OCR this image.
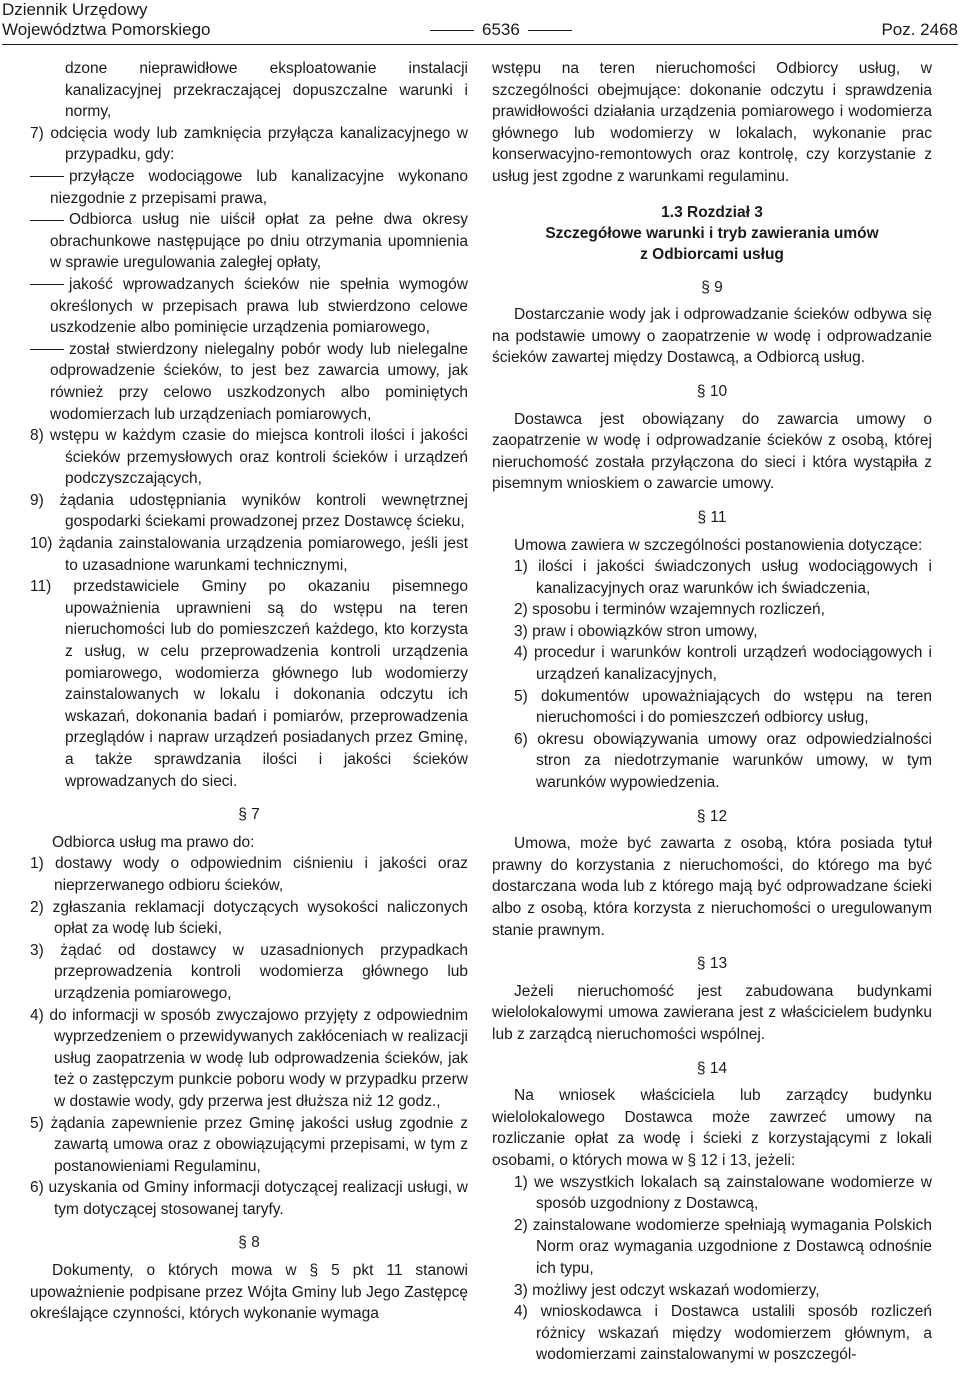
Dziennik Urzędowy
Województwa Pomorskiego	6536	Poz. 2468

dzone nieprawidłowe eksploatowanie instalacji kanalizacyjnej przekraczającej dopuszczalne warunki i normy,

7) odcięcia wody lub zamknięcia przyłącza kanalizacyjnego w przypadku, gdy:

przyłącze wodociągowe lub kanalizacyjne wykonano niezgodnie z przepisami prawa,

Odbiorca usług nie uiścił opłat za pełne dwa okresy obrachunkowe następujące po dniu otrzymania upomnienia w sprawie uregulowania zaległej opłaty,

jakość wprowadzanych ścieków nie spełnia wymogów określonych w przepisach prawa lub stwierdzono celowe uszkodzenie albo pominięcie urządzenia pomiarowego,

został stwierdzony nielegalny pobór wody lub nielegalne odprowadzenie ścieków, to jest bez zawarcia umowy, jak również przy celowo uszkodzonych albo pominiętych wodomierzach lub urządzeniach pomiarowych,

8) wstępu w każdym czasie do miejsca kontroli ilości i jakości ścieków przemysłowych oraz kontroli ścieków i urządzeń podczyszczających,

9) żądania udostępniania wyników kontroli wewnętrznej gospodarki ściekami prowadzonej przez Dostawcę ścieku,

10) żądania zainstalowania urządzenia pomiarowego, jeśli jest to uzasadnione warunkami technicznymi,

11) przedstawiciele Gminy po okazaniu pisemnego upoważnienia uprawnieni są do wstępu na teren nieruchomości lub do pomieszczeń każdego, kto korzysta z usług, w celu przeprowadzenia kontroli urządzenia pomiarowego, wodomierza głównego lub wodomierzy zainstalowanych w lokalu i dokonania odczytu ich wskazań, dokonania badań i pomiarów, przeprowadzenia przeglądów i napraw urządzeń posiadanych przez Gminę, a także sprawdzania ilości i jakości ścieków wprowadzanych do sieci.

§ 7

Odbiorca usług ma prawo do:

1) dostawy wody o odpowiednim ciśnieniu i jakości oraz nieprzerwanego odbioru ścieków,

2) zgłaszania reklamacji dotyczących wysokości naliczonych opłat za wodę lub ścieki,

3) żądać od dostawcy w uzasadnionych przypadkach przeprowadzenia kontroli wodomierza głównego lub urządzenia pomiarowego,

4) do informacji w sposób zwyczajowo przyjęty z odpowiednim wyprzedzeniem o przewidywanych zakłóceniach w realizacji usług zaopatrzenia w wodę lub odprowadzenia ścieków, jak też o zastępczym punkcie poboru wody w przypadku przerw w dostawie wody, gdy przerwa jest dłuższa niż 12 godz.,

5) żądania zapewnienie przez Gminę jakości usług zgodnie z zawartą umowa oraz z obowiązującymi przepisami, w tym z postanowieniami Regulaminu,

6) uzyskania od Gminy informacji dotyczącej realizacji usługi, w tym dotyczącej stosowanej taryfy.

§ 8

Dokumenty, o których mowa w § 5 pkt 11 stanowi upoważnienie podpisane przez Wójta Gminy lub Jego Zastępcę określające czynności, których wykonanie wymaga

wstępu na teren nieruchomości Odbiorcy usług, w szczególności obejmujące: dokonanie odczytu i sprawdzenia prawidłowości działania urządzenia pomiarowego i wodomierza głównego lub wodomierzy w lokalach, wykonanie prac konserwacyjno-remontowych oraz kontrolę, czy korzystanie z usług jest zgodne z warunkami regulaminu.

1.3 Rozdział 3
Szczegółowe warunki i tryb zawierania umów
z Odbiorcami usług

§ 9

Dostarczanie wody jak i odprowadzanie ścieków odbywa się na podstawie umowy o zaopatrzenie w wodę i odprowadzanie ścieków zawartej między Dostawcą, a Odbiorcą usług.

§ 10

Dostawca jest obowiązany do zawarcia umowy o zaopatrzenie w wodę i odprowadzanie ścieków z osobą, której nieruchomość została przyłączona do sieci i która wystąpiła z pisemnym wnioskiem o zawarcie umowy.

§ 11

Umowa zawiera w szczególności postanowienia dotyczące:

1) ilości i jakości świadczonych usług wodociągowych i kanalizacyjnych oraz warunków ich świadczenia,

2) sposobu i terminów wzajemnych rozliczeń,

3) praw i obowiązków stron umowy,

4) procedur i warunków kontroli urządzeń wodociągowych i urządzeń kanalizacyjnych,

5) dokumentów upoważniających do wstępu na teren nieruchomości i do pomieszczeń odbiorcy usług,

6) okresu obowiązywania umowy oraz odpowiedzialności stron za niedotrzymanie warunków umowy, w tym warunków wypowiedzenia.

§ 12

Umowa, może być zawarta z osobą, która posiada tytuł prawny do korzystania z nieruchomości, do którego ma być dostarczana woda lub z którego mają być odprowadzane ścieki albo z osobą, która korzysta z nieruchomości o uregulowanym stanie prawnym.

§ 13

Jeżeli nieruchomość jest zabudowana budynkami wielolokalowymi umowa zawierana jest z właścicielem budynku lub z zarządcą nieruchomości wspólnej.

§ 14

Na wniosek właściciela lub zarządcy budynku wielolokalowego Dostawca może zawrzeć umowy na rozliczanie opłat za wodę i ścieki z korzystającymi z lokali osobami, o których mowa w § 12 i 13, jeżeli:

1) we wszystkich lokalach są zainstalowane wodomierze w sposób uzgodniony z Dostawcą,

2) zainstalowane wodomierze spełniają wymagania Polskich Norm oraz wymagania uzgodnione z Dostawcą odnośnie ich typu,

3) możliwy jest odczyt wskazań wodomierzy,

4) wnioskodawca i Dostawca ustalili sposób rozliczeń różnicy wskazań między wodomierzem głównym, a wodomierzami zainstalowanymi w poszczegól-
